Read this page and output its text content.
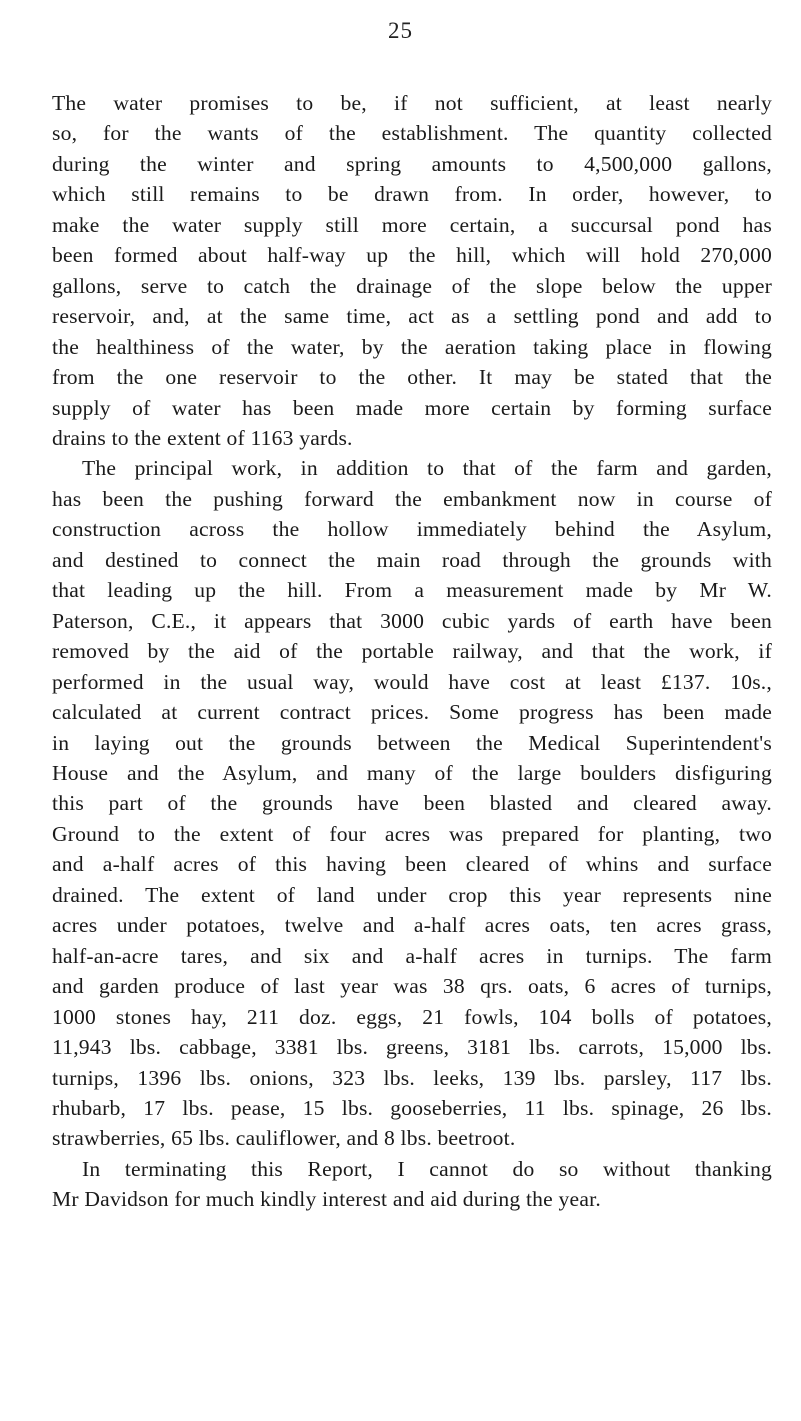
25
The water promises to be, if not sufficient, at least nearly
so, for the wants of the establishment. The quantity collected
during the winter and spring amounts to 4,500,000 gallons,
which still remains to be drawn from. In order, however, to
make the water supply still more certain, a succursal pond has
been formed about half-way up the hill, which will hold 270,000
gallons, serve to catch the drainage of the slope below the upper
reservoir, and, at the same time, act as a settling pond and add to
the healthiness of the water, by the aeration taking place in flowing
from the one reservoir to the other. It may be stated that the
supply of water has been made more certain by forming surface
drains to the extent of 1163 yards.
The principal work, in addition to that of the farm and garden,
has been the pushing forward the embankment now in course of
construction across the hollow immediately behind the Asylum,
and destined to connect the main road through the grounds with
that leading up the hill. From a measurement made by Mr W.
Paterson, C.E., it appears that 3000 cubic yards of earth have been
removed by the aid of the portable railway, and that the work, if
performed in the usual way, would have cost at least £137. 10s.,
calculated at current contract prices. Some progress has been made
in laying out the grounds between the Medical Superintendent's
House and the Asylum, and many of the large boulders disfiguring
this part of the grounds have been blasted and cleared away.
Ground to the extent of four acres was prepared for planting, two
and a-half acres of this having been cleared of whins and surface
drained. The extent of land under crop this year represents nine
acres under potatoes, twelve and a-half acres oats, ten acres grass,
half-an-acre tares, and six and a-half acres in turnips. The farm
and garden produce of last year was 38 qrs. oats, 6 acres of turnips,
1000 stones hay, 211 doz. eggs, 21 fowls, 104 bolls of potatoes,
11,943 lbs. cabbage, 3381 lbs. greens, 3181 lbs. carrots, 15,000 lbs.
turnips, 1396 lbs. onions, 323 lbs. leeks, 139 lbs. parsley, 117 lbs.
rhubarb, 17 lbs. pease, 15 lbs. gooseberries, 11 lbs. spinage, 26 lbs.
strawberries, 65 lbs. cauliflower, and 8 lbs. beetroot.
In terminating this Report, I cannot do so without thanking
Mr Davidson for much kindly interest and aid during the year.
